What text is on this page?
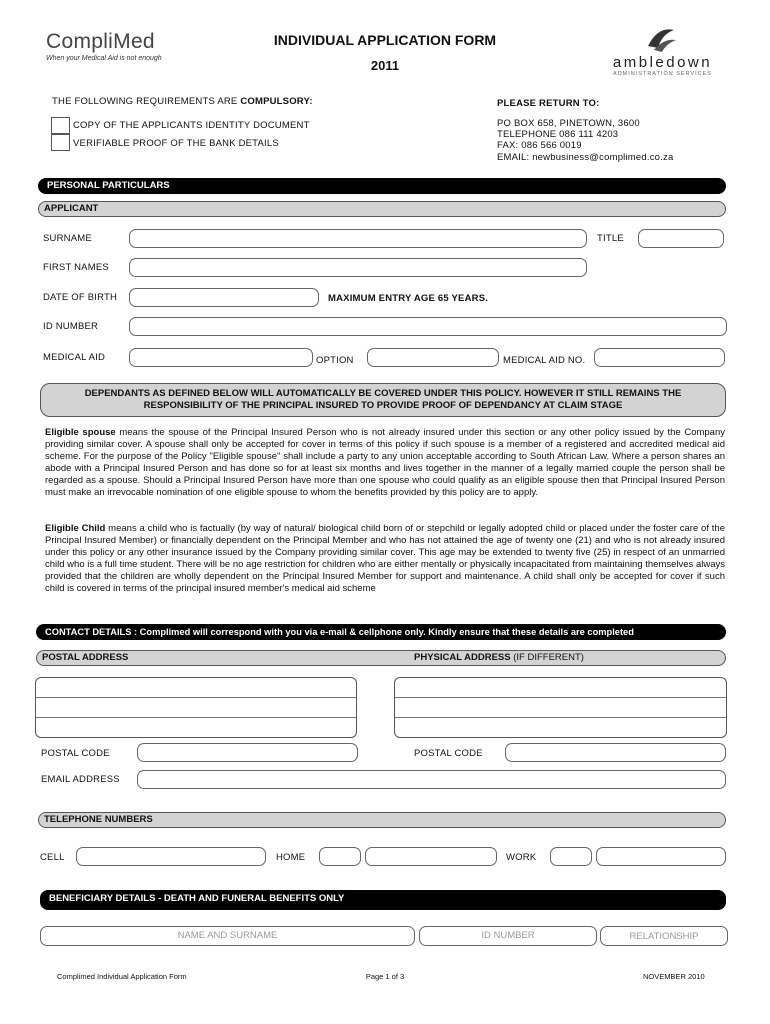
CompliMed
When your Medical Aid is not enough
INDIVIDUAL APPLICATION FORM
2011	ambledown
ADMINISTRATION SERVICES
THE FOLLOWING REQUIREMENTS ARE COMPULSORY:
COPY OF THE APPLICANTS IDENTITY DOCUMENT
VERIFIABLE PROOF OF THE BANK DETAILS
PLEASE RETURN TO:
PO BOX 658, PINETOWN, 3600
TELEPHONE 086 111 4203
FAX: 086 566 0019
EMAIL: newbusiness@complimed.co.za
PERSONAL PARTICULARS
APPLICANT
SURNAME	TITLE
FIRST NAMES
DATE OF BIRTH	MAXIMUM ENTRY AGE 65 YEARS.
ID NUMBER
MEDICAL AID	OPTION	MEDICAL AID NO.
DEPENDANTS AS DEFINED BELOW WILL AUTOMATICALLY BE COVERED UNDER THIS POLICY. HOWEVER IT STILL REMAINS THE
RESPONSIBILITY OF THE PRINCIPAL INSURED TO PROVIDE PROOF OF DEPENDANCY AT CLAIM STAGE
Eligible spouse means the spouse of the Principal Insured Person who is not already insured under this section or any other policy issued by the Company providing similar cover. A spouse shall only be accepted for cover in terms of this policy if such spouse is a member of a registered and accredited medical aid scheme. For the purpose of the Policy "Eligible spouse" shall include a party to any union acceptable according to South African Law. Where a person shares an abode with a Principal Insured Person and has done so for at least six months and lives together in the manner of a legally married couple the person shall be regarded as a spouse. Should a Principal Insured Person have more than one spouse who could qualify as an eligible spouse then that Principal Insured Person must make an irrevocable nomination of one eligible spouse to whom the benefits provided by this policy are to apply.
Eligible Child means a child who is factually (by way of natural/ biological child born of or stepchild or legally adopted child or placed under the foster care of the Principal Insured Member) or financially dependent on the Principal Member and who has not attained the age of twenty one (21) and who is not already insured under this policy or any other insurance issued by the Company providing similar cover. This age may be extended to twenty five (25) in respect of an unmarried child who is a full time student. There will be no age restriction for children who are either mentally or physically incapacitated from maintaining themselves always provided that the children are wholly dependent on the Principal Insured Member for support and maintenance. A child shall only be accepted for cover if such child is covered in terms of the principal insured member's medical aid scheme
CONTACT DETAILS : Complimed will correspond with you via e-mail & cellphone only. Kindly ensure that these details are completed
POSTAL ADDRESS	PHYSICAL ADDRESS (IF DIFFERENT)
POSTAL CODE	POSTAL CODE
EMAIL ADDRESS
TELEPHONE NUMBERS
CELL	HOME	WORK
BENEFICIARY DETAILS - DEATH AND FUNERAL BENEFITS ONLY
NAME AND SURNAME	ID NUMBER	RELATIONSHIP
Complimed Individual Application Form	Page 1 of 3	NOVEMBER 2010
